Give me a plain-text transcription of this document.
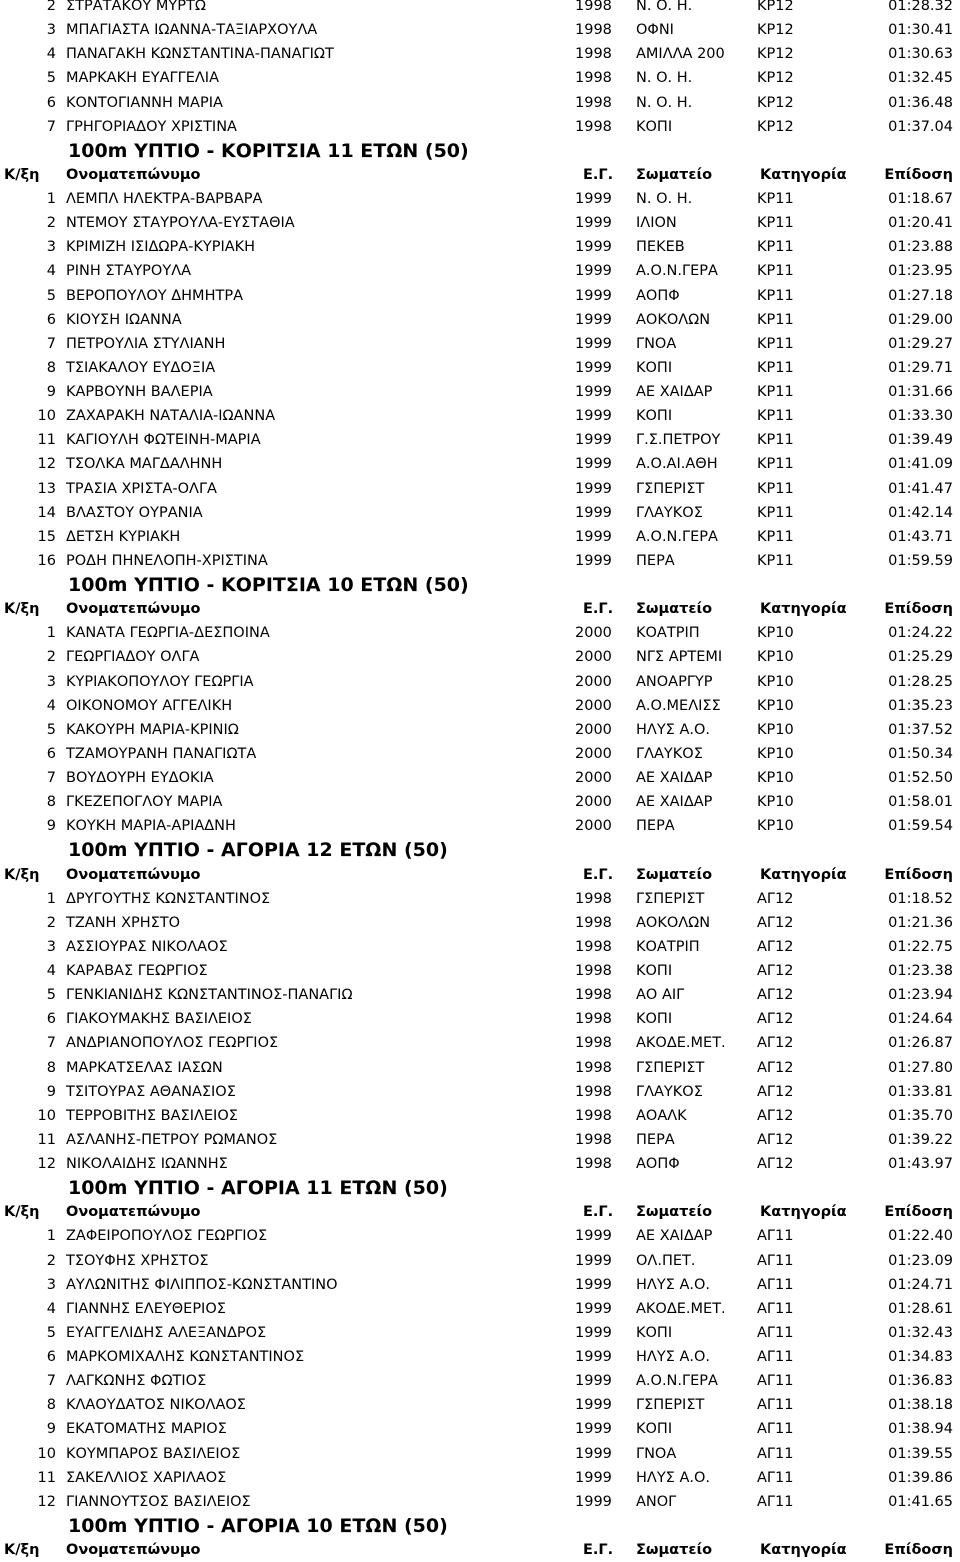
2 ΣΤΡΑΤΑΚΟΥ ΜΥΡΤΩ	1998 Ν. Ο. Η.	ΚΡ12	01:28.32
3 ΜΠΑΓΙΑΣΤΑ ΙΩΑΝΝΑ-ΤΑΞΙΑΡΧΟΥΛΑ	1998 ΟΦΝΙ	ΚΡ12	01:30.41
4 ΠΑΝΑΓΑΚΗ ΚΩΝΣΤΑΝΤΙΝΑ-ΠΑΝΑΓΙΩΤ	1998 ΑΜΙΛΛΑ 200 ΚΡ12	01:30.63
5 ΜΑΡΚΑΚΗ ΕΥΑΓΓΕΛΙΑ	1998 Ν. Ο. Η.	ΚΡ12	01:32.45
6 ΚΟΝΤΟΓΙΑΝΝΗ ΜΑΡΙΑ	1998 Ν. Ο. Η.	ΚΡ12	01:36.48
7 ΓΡΗΓΟΡΙΑΔΟΥ ΧΡΙΣΤΙΝΑ	1998 ΚΟΠΙ	ΚΡ12	01:37.04
100m ΥΠΤΙΟ - ΚΟΡΙΤΣΙΑ 11 ΕΤΩΝ (50)
Κ/ξη Ονοματεπώνυμο	Ε.Γ. Σωματείο	Κατηγορία	Επίδοση
1 ΛΕΜΠΛ ΗΛΕΚΤΡΑ-ΒΑΡΒΑΡΑ	1999 Ν. Ο. Η.	ΚΡ11	01:18.67
2 ΝΤΕΜΟΥ ΣΤΑΥΡΟΥΛΑ-ΕΥΣΤΑΘΙΑ	1999 ΙΛΙΟΝ	ΚΡ11	01:20.41
3 ΚΡΙΜΙΖΗ ΙΣΙΔΩΡΑ-ΚΥΡΙΑΚΗ	1999 ΠΕΚΕΒ	ΚΡ11	01:23.88
4 ΡΙΝΗ ΣΤΑΥΡΟΥΛΑ	1999 Α.Ο.Ν.ΓΕΡΑ	ΚΡ11	01:23.95
5 ΒΕΡΟΠΟΥΛΟΥ ΔΗΜΗΤΡΑ	1999 ΑΟΠΦ	ΚΡ11	01:27.18
6 ΚΙΟΥΣΗ ΙΩΑΝΝΑ	1999 ΑΟΚΟΛΩΝ	ΚΡ11	01:29.00
7 ΠΕΤΡΟΥΛΙΑ ΣΤΥΛΙΑΝΗ	1999 ΓΝΟΑ	ΚΡ11	01:29.27
8 ΤΣΙΑΚΑΛΟΥ ΕΥΔΟΞΙΑ	1999 ΚΟΠΙ	ΚΡ11	01:29.71
9 ΚΑΡΒΟΥΝΗ ΒΑΛΕΡΙΑ	1999 ΑΕ ΧΑΙΔΑΡ	ΚΡ11	01:31.66
10 ΖΑΧΑΡΑΚΗ ΝΑΤΑΛΙΑ-ΙΩΑΝΝΑ	1999 ΚΟΠΙ	ΚΡ11	01:33.30
11 ΚΑΓΙΟΥΛΗ ΦΩΤΕΙΝΗ-ΜΑΡΙΑ	1999 Γ.Σ.ΠΕΤΡΟΥ	ΚΡ11	01:39.49
12 ΤΣΟΛΚΑ ΜΑΓΔΑΛΗΝΗ	1999 Α.Ο.ΑΙ.ΑΘΗ	ΚΡ11	01:41.09
13 ΤΡΑΣΙΑ ΧΡΙΣΤΑ-ΟΛΓΑ	1999 ΓΣΠΕΡΙΣΤ	ΚΡ11	01:41.47
14 ΒΛΑΣΤΟΥ ΟΥΡΑΝΙΑ	1999 ΓΛΑΥΚΟΣ	ΚΡ11	01:42.14
15 ΔΕΤΣΗ ΚΥΡΙΑΚΗ	1999 Α.Ο.Ν.ΓΕΡΑ	ΚΡ11	01:43.71
16 ΡΟΔΗ ΠΗΝΕΛΟΠΗ-ΧΡΙΣΤΙΝΑ	1999 ΠΕΡΑ	ΚΡ11	01:59.59
100m ΥΠΤΙΟ - ΚΟΡΙΤΣΙΑ 10 ΕΤΩΝ (50)
Κ/ξη Ονοματεπώνυμο	Ε.Γ. Σωματείο	Κατηγορία	Επίδοση
1 ΚΑΝΑΤΑ ΓΕΩΡΓΙΑ-ΔΕΣΠΟΙΝΑ	2000 ΚΟΑΤΡΙΠ	ΚΡ10	01:24.22
2 ΓΕΩΡΓΙΑΔΟΥ ΟΛΓΑ	2000 ΝΓΣ ΑΡΤΕΜΙ ΚΡ10	01:25.29
3 ΚΥΡΙΑΚΟΠΟΥΛΟΥ ΓΕΩΡΓΙΑ	2000 ΑΝΟΑΡΓΥΡ	ΚΡ10	01:28.25
4 ΟΙΚΟΝΟΜΟΥ ΑΓΓΕΛΙΚΗ	2000 Α.Ο.ΜΕΛΙΣΣ	ΚΡ10	01:35.23
5 ΚΑΚΟΥΡΗ ΜΑΡΙΑ-ΚΡΙΝΙΩ	2000 ΗΛΥΣ Α.Ο.	ΚΡ10	01:37.52
6 ΤΖΑΜΟΥΡΑΝΗ ΠΑΝΑΓΙΩΤΑ	2000 ΓΛΑΥΚΟΣ	ΚΡ10	01:50.34
7 ΒΟΥΔΟΥΡΗ ΕΥΔΟΚΙΑ	2000 ΑΕ ΧΑΙΔΑΡ	ΚΡ10	01:52.50
8 ΓΚΕΖΕΠΟΓΛΟΥ ΜΑΡΙΑ	2000 ΑΕ ΧΑΙΔΑΡ	ΚΡ10	01:58.01
9 ΚΟΥΚΗ ΜΑΡΙΑ-ΑΡΙΑΔΝΗ	2000 ΠΕΡΑ	ΚΡ10	01:59.54
100m ΥΠΤΙΟ - ΑΓΟΡΙΑ 12 ΕΤΩΝ (50)
Κ/ξη Ονοματεπώνυμο	Ε.Γ. Σωματείο	Κατηγορία	Επίδοση
1 ΔΡΥΓΟΥΤΗΣ ΚΩΝΣΤΑΝΤΙΝΟΣ	1998 ΓΣΠΕΡΙΣΤ	ΑΓ12	01:18.52
2 ΤΖΑΝΗ ΧΡΗΣΤΟ	1998 ΑΟΚΟΛΩΝ	ΑΓ12	01:21.36
3 ΑΣΣΙΟΥΡΑΣ ΝΙΚΟΛΑΟΣ	1998 ΚΟΑΤΡΙΠ	ΑΓ12	01:22.75
4 ΚΑΡΑΒΑΣ ΓΕΩΡΓΙΟΣ	1998 ΚΟΠΙ	ΑΓ12	01:23.38
5 ΓΕΝΚΙΑΝΙΔΗΣ ΚΩΝΣΤΑΝΤΙΝΟΣ-ΠΑΝΑΓΙΩ	1998 ΑΟ ΑΙΓ	ΑΓ12	01:23.94
6 ΓΙΑΚΟΥΜΑΚΗΣ ΒΑΣΙΛΕΙΟΣ	1998 ΚΟΠΙ	ΑΓ12	01:24.64
7 ΑΝΔΡΙΑΝΟΠΟΥΛΟΣ ΓΕΩΡΓΙΟΣ	1998 ΑΚΟΔΕ.ΜΕΤ. ΑΓ12	01:26.87
8 ΜΑΡΚΑΤΣΕΛΑΣ ΙΑΣΩΝ	1998 ΓΣΠΕΡΙΣΤ	ΑΓ12	01:27.80
9 ΤΣΙΤΟΥΡΑΣ ΑΘΑΝΑΣΙΟΣ	1998 ΓΛΑΥΚΟΣ	ΑΓ12	01:33.81
10 ΤΕΡΡΟΒΙΤΗΣ ΒΑΣΙΛΕΙΟΣ	1998 ΑΟΑΛΚ	ΑΓ12	01:35.70
11 ΑΣΛΑΝΗΣ-ΠΕΤΡΟΥ ΡΩΜΑΝΟΣ	1998 ΠΕΡΑ	ΑΓ12	01:39.22
12 ΝΙΚΟΛΑΙΔΗΣ ΙΩΑΝΝΗΣ	1998 ΑΟΠΦ	ΑΓ12	01:43.97
100m ΥΠΤΙΟ - ΑΓΟΡΙΑ 11 ΕΤΩΝ (50)
Κ/ξη Ονοματεπώνυμο	Ε.Γ. Σωματείο	Κατηγορία	Επίδοση
1 ΖΑΦΕΙΡΟΠΟΥΛΟΣ ΓΕΩΡΓΙΟΣ	1999 ΑΕ ΧΑΙΔΑΡ	ΑΓ11	01:22.40
2 ΤΣΟΥΦΗΣ ΧΡΗΣΤΟΣ	1999 ΟΛ.ΠΕΤ.	ΑΓ11	01:23.09
3 ΑΥΛΩΝΙΤΗΣ ΦΙΛΙΠΠΟΣ-ΚΩΝΣΤΑΝΤΙΝΟ	1999 ΗΛΥΣ Α.Ο.	ΑΓ11	01:24.71
4 ΓΙΑΝΝΗΣ ΕΛΕΥΘΕΡΙΟΣ	1999 ΑΚΟΔΕ.ΜΕΤ. ΑΓ11	01:28.61
5 ΕΥΑΓΓΕΛΙΔΗΣ ΑΛΕΞΑΝΔΡΟΣ	1999 ΚΟΠΙ	ΑΓ11	01:32.43
6 ΜΑΡΚΟΜΙΧΑΛΗΣ ΚΩΝΣΤΑΝΤΙΝΟΣ	1999 ΗΛΥΣ Α.Ο.	ΑΓ11	01:34.83
7 ΛΑΓΚΩΝΗΣ ΦΩΤΙΟΣ	1999 Α.Ο.Ν.ΓΕΡΑ	ΑΓ11	01:36.83
8 ΚΛΑΟΥΔΑΤΟΣ ΝΙΚΟΛΑΟΣ	1999 ΓΣΠΕΡΙΣΤ	ΑΓ11	01:38.18
9 ΕΚΑΤΟΜΑΤΗΣ ΜΑΡΙΟΣ	1999 ΚΟΠΙ	ΑΓ11	01:38.94
10 ΚΟΥΜΠΑΡΟΣ ΒΑΣΙΛΕΙΟΣ	1999 ΓΝΟΑ	ΑΓ11	01:39.55
11 ΣΑΚΕΛΛΙΟΣ ΧΑΡΙΛΑΟΣ	1999 ΗΛΥΣ Α.Ο.	ΑΓ11	01:39.86
12 ΓΙΑΝΝΟΥΤΣΟΣ ΒΑΣΙΛΕΙΟΣ	1999 ΑΝΟΓ	ΑΓ11	01:41.65
100m ΥΠΤΙΟ - ΑΓΟΡΙΑ 10 ΕΤΩΝ (50)
Κ/ξη Ονοματεπώνυμο	Ε.Γ. Σωματείο	Κατηγορία	Επίδοση
